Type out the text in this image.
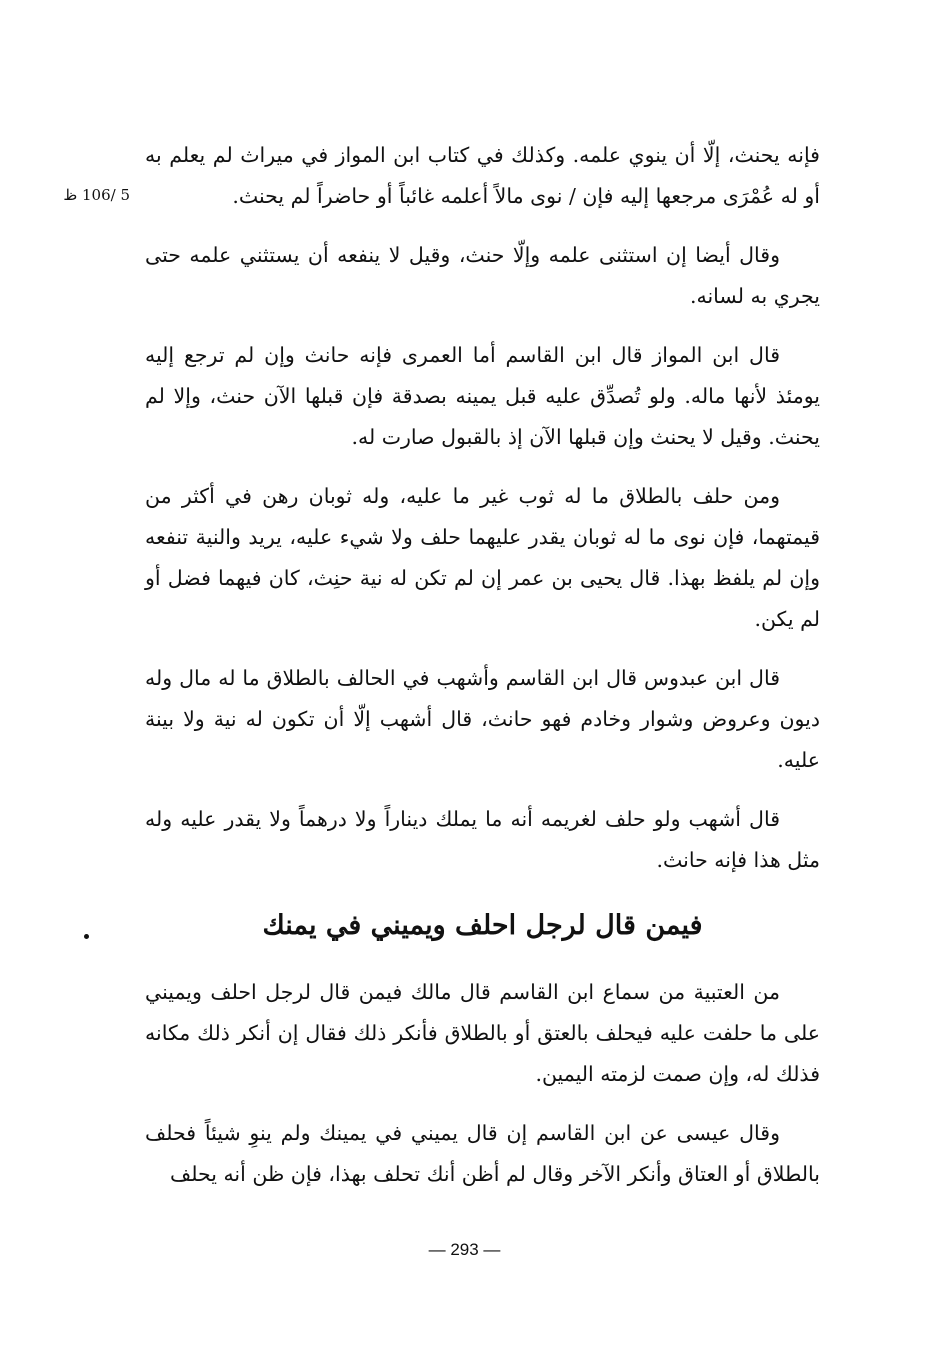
5 /106 ظ

فإنه يحنث، إلّا أن ينوي علمه. وكذلك في كتاب ابن المواز في ميراث لم يعلم به أو له عُمْرَى مرجعها إليه فإن / نوى مالاً أعلمه غائباً أو حاضراً لم يحنث.

وقال أيضا إن استثنى علمه وإلّا حنث، وقيل لا ينفعه أن يستثني علمه حتى يجري به لسانه.

قال ابن المواز قال ابن القاسم أما العمرى فإنه حانث وإن لم ترجع إليه يومئذ لأنها ماله. ولو تُصدِّق عليه قبل يمينه بصدقة فإن قبلها الآن حنث، وإلا لم يحنث. وقيل لا يحنث وإن قبلها الآن إذ بالقبول صارت له.

ومن حلف بالطلاق ما له ثوب غير ما عليه، وله ثوبان رهن في أكثر من قيمتهما، فإن نوى ما له ثوبان يقدر عليهما حلف ولا شيء عليه، يريد والنية تنفعه وإن لم يلفظ بهذا. قال يحيى بن عمر إن لم تكن له نية حنِث، كان فيهما فضل أو لم يكن.

قال ابن عبدوس قال ابن القاسم وأشهب في الحالف بالطلاق ما له مال وله ديون وعروض وشوار وخادم فهو حانث، قال أشهب إلّا أن تكون له نية ولا بينة عليه.

قال أشهب ولو حلف لغريمه أنه ما يملك ديناراً ولا درهماً ولا يقدر عليه وله مثل هذا فإنه حانث.

فيمن قال لرجل احلف ويميني في يمنك

من العتبية من سماع ابن القاسم قال مالك فيمن قال لرجل احلف ويميني على ما حلفت عليه فيحلف بالعتق أو بالطلاق فأنكر ذلك فقال إن أنكر ذلك مكانه فذلك له، وإن صمت لزمته اليمين.

وقال عيسى عن ابن القاسم إن قال يميني في يمينك ولم ينوِ شيئاً فحلف بالطلاق أو العتاق وأنكر الآخر وقال لم أظن أنك تحلف بهذا، فإن ظن أنه يحلف

— 293 —
